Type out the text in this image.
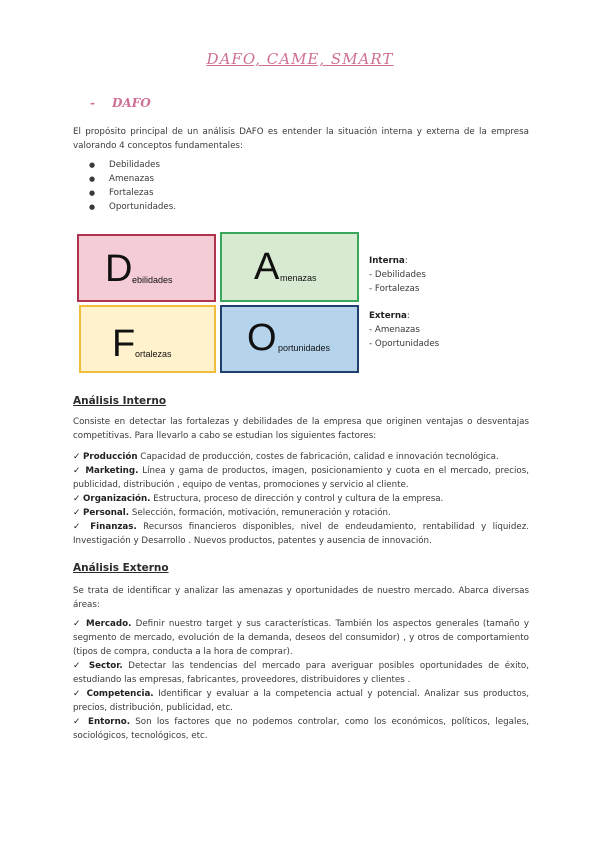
DAFO, CAME, SMART
- DAFO
El propósito principal de un análisis DAFO es entender la situación interna y externa de la empresa valorando 4 conceptos fundamentales:
● Debilidades
● Amenazas
● Fortalezas
● Oportunidades.
D ebilidades A menazas
F ortalezas O portunidades
Interna:
- Debilidades
- Fortalezas
Externa:
- Amenazas
- Oportunidades
Análisis Interno
Consiste en detectar las fortalezas y debilidades de la empresa que originen ventajas o desventajas competitivas. Para llevarlo a cabo se estudian los siguientes factores:

✓ Producción Capacidad de producción, costes de fabricación, calidad e innovación tecnológica.

✓ Marketing. Línea y gama de productos, imagen, posicionamiento y cuota en el mercado, precios, publicidad, distribución , equipo de ventas, promociones y servicio al cliente.

✓ Organización. Estructura, proceso de dirección y control y cultura de la empresa.

✓ Personal. Selección, formación, motivación, remuneración y rotación.

✓ Finanzas. Recursos financieros disponibles, nivel de endeudamiento, rentabilidad y liquidez. Investigación y Desarrollo . Nuevos productos, patentes y ausencia de innovación.

Análisis Externo
Se trata de identificar y analizar las amenazas y oportunidades de nuestro mercado. Abarca diversas áreas:

✓ Mercado. Definir nuestro target y sus características. También los aspectos generales (tamaño y segmento de mercado, evolución de la demanda, deseos del consumidor) , y otros de comportamiento (tipos de compra, conducta a la hora de comprar).

✓ Sector. Detectar las tendencias del mercado para averiguar posibles oportunidades de éxito, estudiando las empresas, fabricantes, proveedores, distribuidores y clientes .

✓ Competencia. Identificar y evaluar a la competencia actual y potencial. Analizar sus productos, precios, distribución, publicidad, etc.

✓ Entorno. Son los factores que no podemos controlar, como los económicos, políticos, legales, sociológicos, tecnológicos, etc.
